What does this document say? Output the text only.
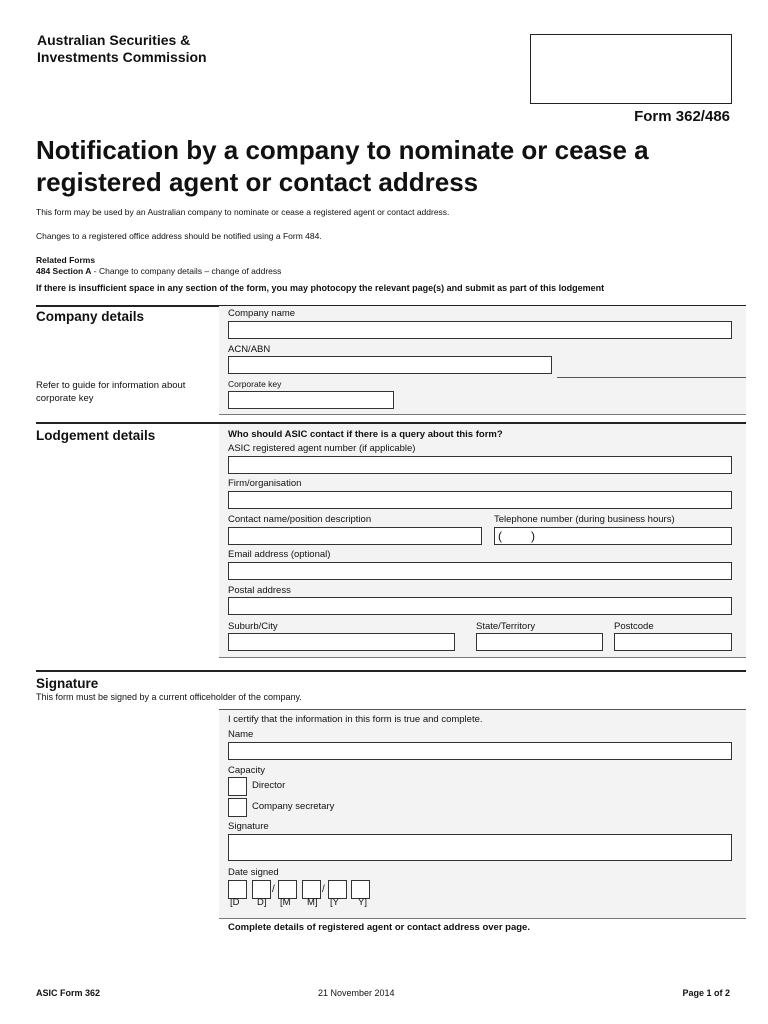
Australian Securities &
Investments Commission
Form 362/486
Notification by a company to nominate or cease a
registered agent or contact address
This form may be used by an Australian company to nominate or cease a registered agent or contact address.
Changes to a registered office address should be notified using a Form 484.
Related Forms
484 Section A - Change to company details – change of address
If there is insufficient space in any section of the form, you may photocopy the relevant page(s) and submit as part of this lodgement
Company details
Refer to guide for information about
corporate key
Company name
ACN/ABN
Corporate key
Lodgement details	Who should ASIC contact if there is a query about this form?
ASIC registered agent number (if applicable)
Firm/organisation
Contact name/position description	Telephone number (during business hours)
( )
Email address (optional)
Postal address
Suburb/City	State/Territory	Postcode
Signature
This form must be signed by a current officeholder of the company.
I certify that the information in this form is true and complete.
Name
Capacity
Director
Company secretary
Signature
Date signed
/	/
[D D] [M M] [Y Y]
Complete details of registered agent or contact address over page.
ASIC Form 362	21 November 2014	Page 1 of 2
